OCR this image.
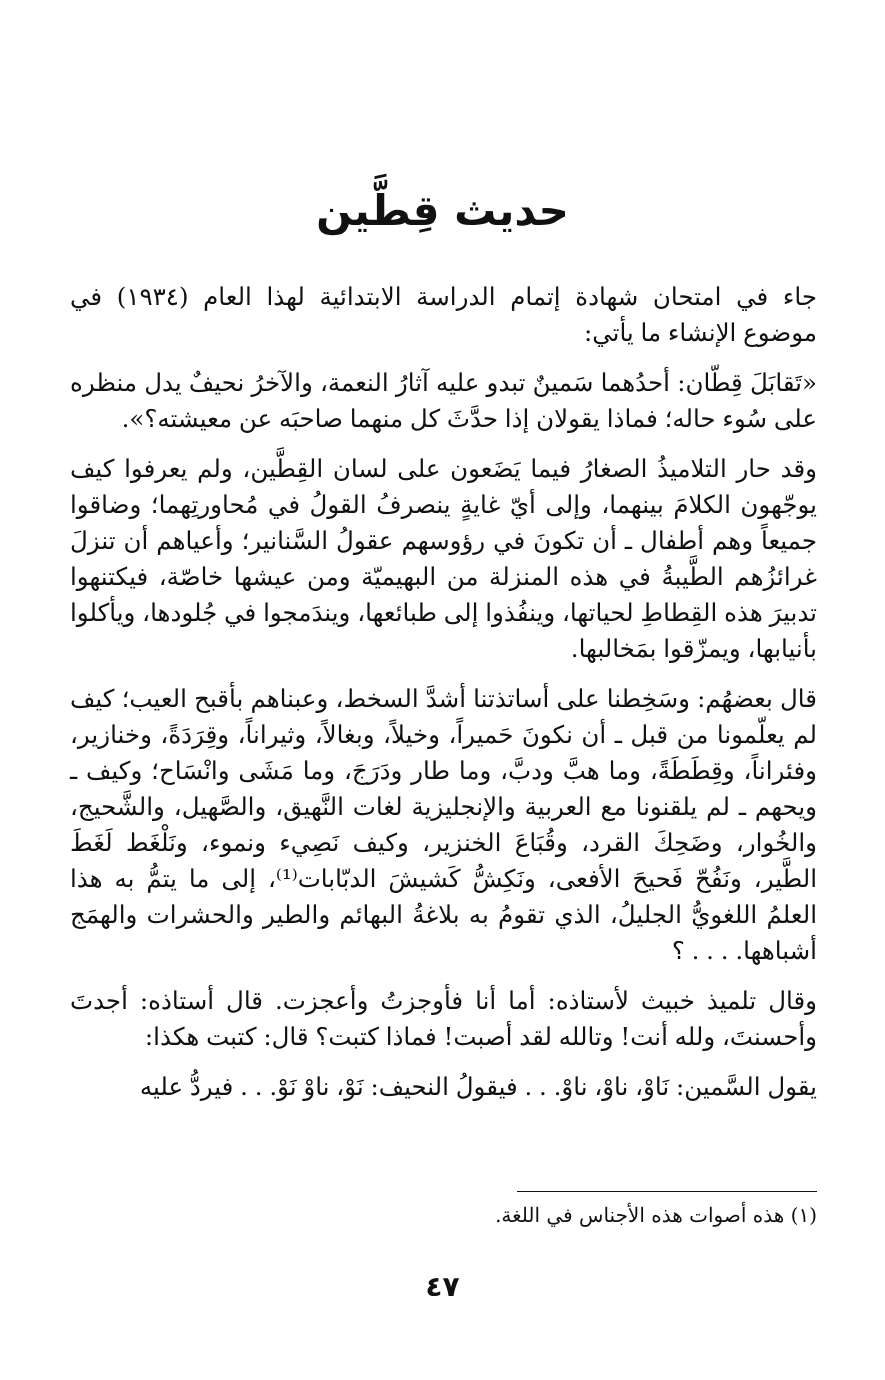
حديث قِطَّين

جاء في امتحان شهادة إتمام الدراسة الابتدائية لهذا العام (١٩٣٤) في موضوع الإنشاء ما يأتي:

«تَقابَلَ قِطّان: أحدُهما سَمينٌ تبدو عليه آثارُ النعمة، والآخرُ نحيفٌ يدل منظره على سُوء حاله؛ فماذا يقولان إذا حدَّثَ كل منهما صاحبَه عن معيشته؟».

وقد حار التلاميذُ الصغارُ فيما يَضَعون على لسان القِطَّين، ولم يعرفوا كيف يوجّهون الكلامَ بينهما، وإلى أيّ غايةٍ ينصرفُ القولُ في مُحاورتِهما؛ وضاقوا جميعاً وهم أطفال ـ أن تكونَ في رؤوسهم عقولُ السَّنانير؛ وأعياهم أن تنزلَ غرائزُهم الطَّيبةُ في هذه المنزلة من البهيميّة ومن عيشها خاصّة، فيكتنهوا تدبيرَ هذه القِطاطِ لحياتها، وينفُذوا إلى طبائعها، ويندَمجوا في جُلودها، ويأكلوا بأنيابها، ويمزّقوا بمَخالبها.

قال بعضهُم: وسَخِطنا على أساتذتنا أشدَّ السخط، وعبناهم بأقبح العيب؛ كيف لم يعلّمونا من قبل ـ أن نكونَ حَميراً، وخيلاً، وبغالاً، وثيراناً، وقِرَدَةً، وخنازير، وفئراناً، وقِطَطَةً، وما هبَّ ودبَّ، وما طار ودَرَجَ، وما مَشَى وانْسَاح؛ وكيف ـ ويحهم ـ لم يلقنونا مع العربية والإنجليزية لغات النَّهيق، والصَّهيل، والشَّحيج، والخُوار، وضَحِكَ القرد، وقُبَاعَ الخنزير، وكيف نَصِيء ونموء، ونَلْغَط لَغَطَ الطَّير، ونَفُحّ فَحيحَ الأفعى، ونَكِشُّ كَشيشَ الدبّابات⁽¹⁾، إلى ما يتمُّ به هذا العلمُ اللغويُّ الجليلُ، الذي تقومُ به بلاغةُ البهائم والطير والحشرات والهمَج أشباهها. . . . ؟

وقال تلميذ خبيث لأستاذه: أما أنا فأوجزتُ وأعجزت. قال أستاذه: أجدتَ وأحسنتَ، ولله أنت! وتالله لقد أصبت! فماذا كتبت؟ قال: كتبت هكذا:

يقول السَّمين: نَاوْ، ناوْ، ناوْ. . . فيقولُ النحيف: نَوْ، ناوْ نَوْ. . . فيردُّ عليه

(١) هذه أصوات هذه الأجناس في اللغة.

٤٧
